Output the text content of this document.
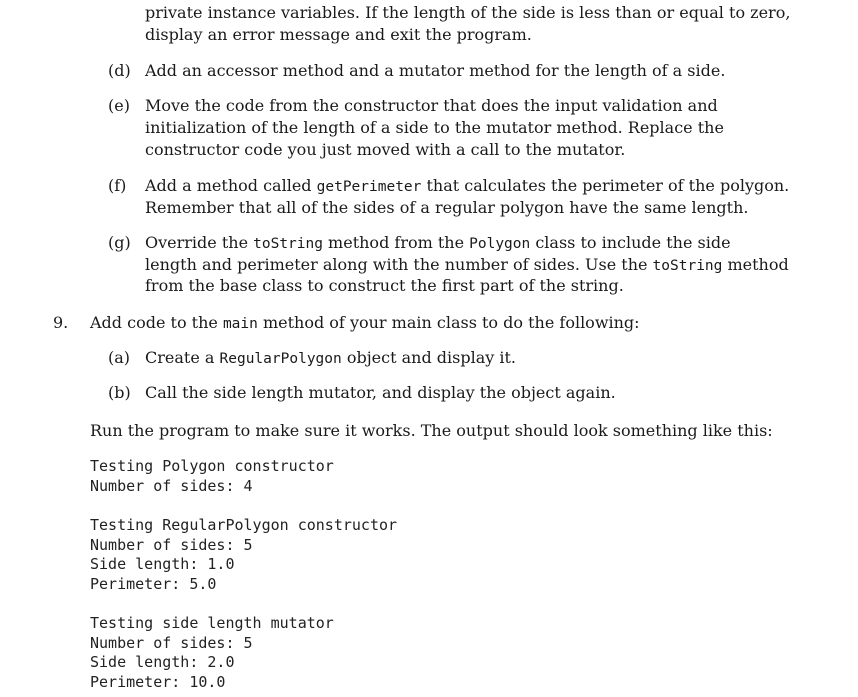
private instance variables. If the length of the side is less than or equal to zero,
display an error message and exit the program.
(d) Add an accessor method and a mutator method for the length of a side.
(e) Move the code from the constructor that does the input validation and
initialization of the length of a side to the mutator method. Replace the
constructor code you just moved with a call to the mutator.
(f) Add a method called getPerimeter that calculates the perimeter of the polygon.
Remember that all of the sides of a regular polygon have the same length.
(g) Override the toString method from the Polygon class to include the side
length and perimeter along with the number of sides. Use the toString method
from the base class to construct the first part of the string.
9. Add code to the main method of your main class to do the following:
(a) Create a RegularPolygon object and display it.
(b) Call the side length mutator, and display the object again.
Run the program to make sure it works. The output should look something like this:
Testing Polygon constructor
Number of sides: 4
Testing RegularPolygon constructor
Number of sides: 5
Side length: 1.0
Perimeter: 5.0
Testing side length mutator
Number of sides: 5
Side length: 2.0
Perimeter: 10.0
